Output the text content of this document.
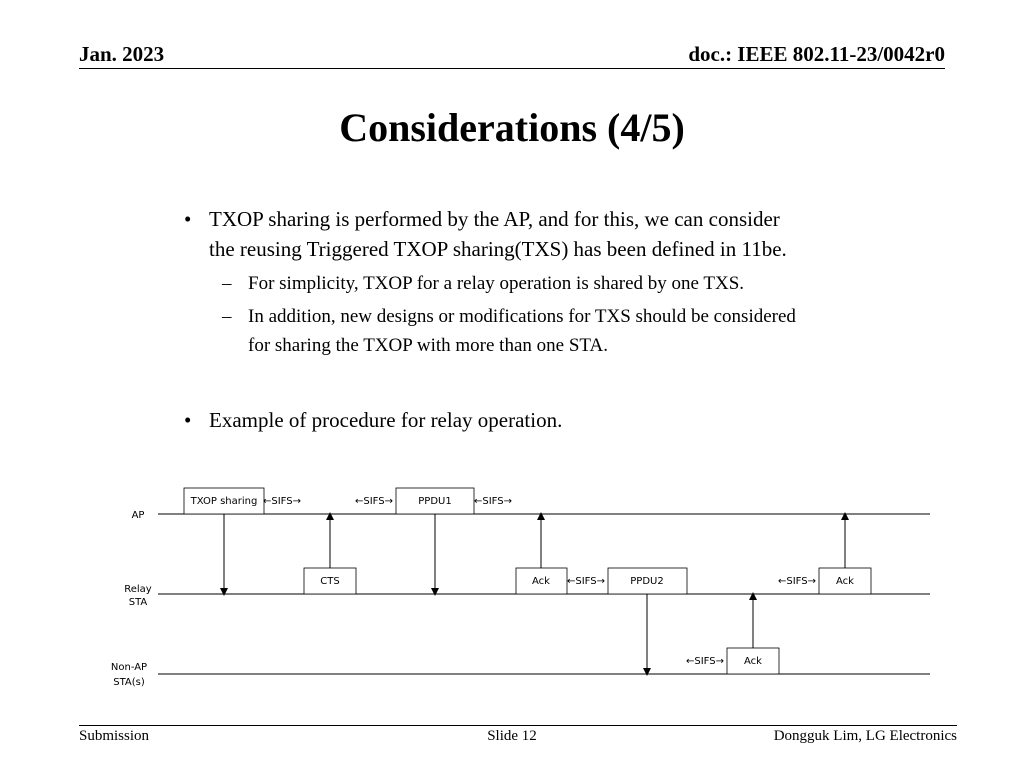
Jan. 2023	doc.: IEEE 802.11-23/0042r0
Considerations (4/5)
• TXOP sharing is performed by the AP, and for this, we can consider
the reusing Triggered TXOP sharing(TXS) has been defined in 11be.
– For simplicity, TXOP for a relay operation is shared by one TXS.
– In addition, new designs or modifications for TXS should be considered
for sharing the TXOP with more than one STA.
• Example of procedure for relay operation.
AP
Relay
STA
Non-AP
STA(s)
TXOP sharing ←SIFS→	←SIFS→	PPDU1 ←SIFS→
CTS	Ack ←SIFS→	PPDU2	←SIFS→ Ack
←SIFS→ Ack
Submission	Slide 12	Dongguk Lim, LG Electronics
